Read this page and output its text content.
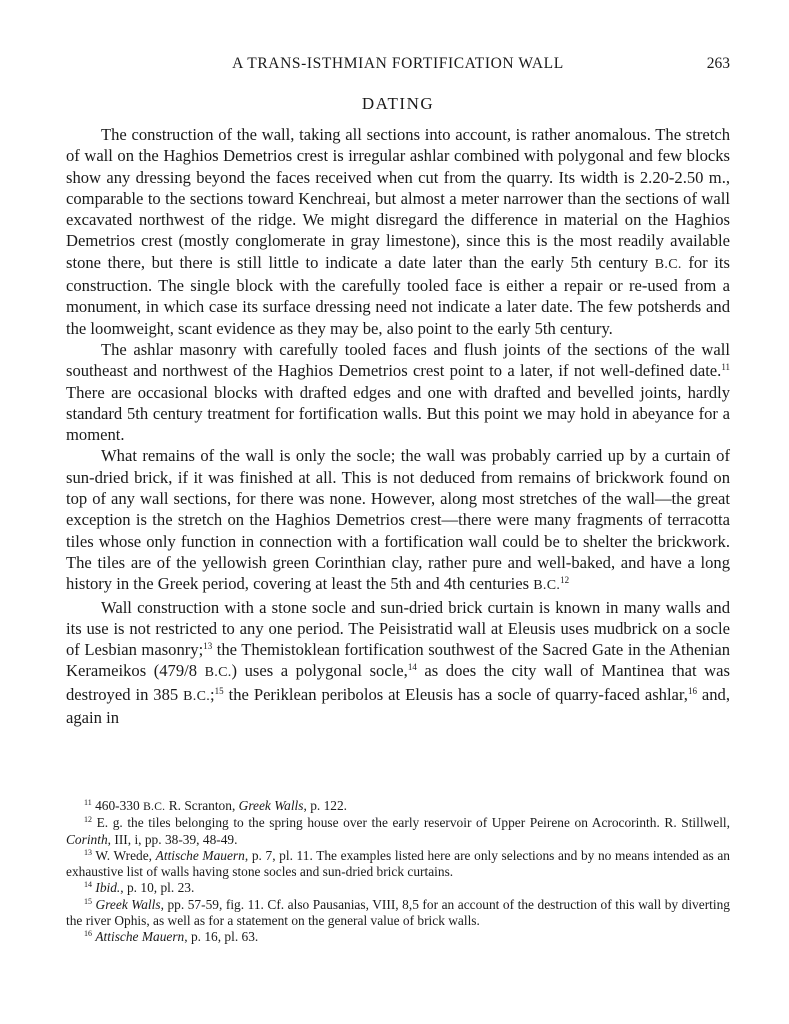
A TRANS-ISTHMIAN FORTIFICATION WALL	263
DATING

The construction of the wall, taking all sections into account, is rather anomalous. The stretch of wall on the Haghios Demetrios crest is irregular ashlar combined with polygonal and few blocks show any dressing beyond the faces received when cut from the quarry. Its width is 2.20-2.50 m., comparable to the sections toward Kenchreai, but almost a meter narrower than the sections of wall excavated northwest of the ridge. We might disregard the difference in material on the Haghios Demetrios crest (mostly conglomerate in gray limestone), since this is the most readily available stone there, but there is still little to indicate a date later than the early 5th century B.C. for its construction. The single block with the carefully tooled face is either a repair or re-used from a monument, in which case its surface dressing need not indicate a later date. The few potsherds and the loomweight, scant evidence as they may be, also point to the early 5th century.

The ashlar masonry with carefully tooled faces and flush joints of the sections of the wall southeast and northwest of the Haghios Demetrios crest point to a later, if not well-defined date.$^{11}$ There are occasional blocks with drafted edges and one with drafted and bevelled joints, hardly standard 5th century treatment for fortification walls. But this point we may hold in abeyance for a moment.

What remains of the wall is only the socle; the wall was probably carried up by a curtain of sun-dried brick, if it was finished at all. This is not deduced from remains of brickwork found on top of any wall sections, for there was none. However, along most stretches of the wall—the great exception is the stretch on the Haghios Demetrios crest—there were many fragments of terracotta tiles whose only function in connection with a fortification wall could be to shelter the brickwork. The tiles are of the yellowish green Corinthian clay, rather pure and well-baked, and have a long history in the Greek period, covering at least the 5th and 4th centuries B.C.$^{12}$

Wall construction with a stone socle and sun-dried brick curtain is known in many walls and its use is not restricted to any one period. The Peisistratid wall at Eleusis uses mudbrick on a socle of Lesbian masonry;$^{13}$ the Themistoklean fortification southwest of the Sacred Gate in the Athenian Kerameikos (479/8 B.C.) uses a polygonal socle,$^{14}$ as does the city wall of Mantinea that was destroyed in 385 B.C.;$^{15}$ the Periklean peribolos at Eleusis has a socle of quarry-faced ashlar,$^{16}$ and, again in

$^{11}$ 460-330 B.C. R. Scranton, Greek Walls, p. 122.

$^{12}$ E. g. the tiles belonging to the spring house over the early reservoir of Upper Peirene on Acrocorinth. R. Stillwell, Corinth, III, i, pp. 38-39, 48-49.

$^{13}$ W. Wrede, Attische Mauern, p. 7, pl. 11. The examples listed here are only selections and by no means intended as an exhaustive list of walls having stone socles and sun-dried brick curtains.

$^{14}$ Ibid., p. 10, pl. 23.

$^{15}$ Greek Walls, pp. 57-59, fig. 11. Cf. also Pausanias, VIII, 8,5 for an account of the destruction of this wall by diverting the river Ophis, as well as for a statement on the general value of brick walls.

$^{16}$ Attische Mauern, p. 16, pl. 63.
